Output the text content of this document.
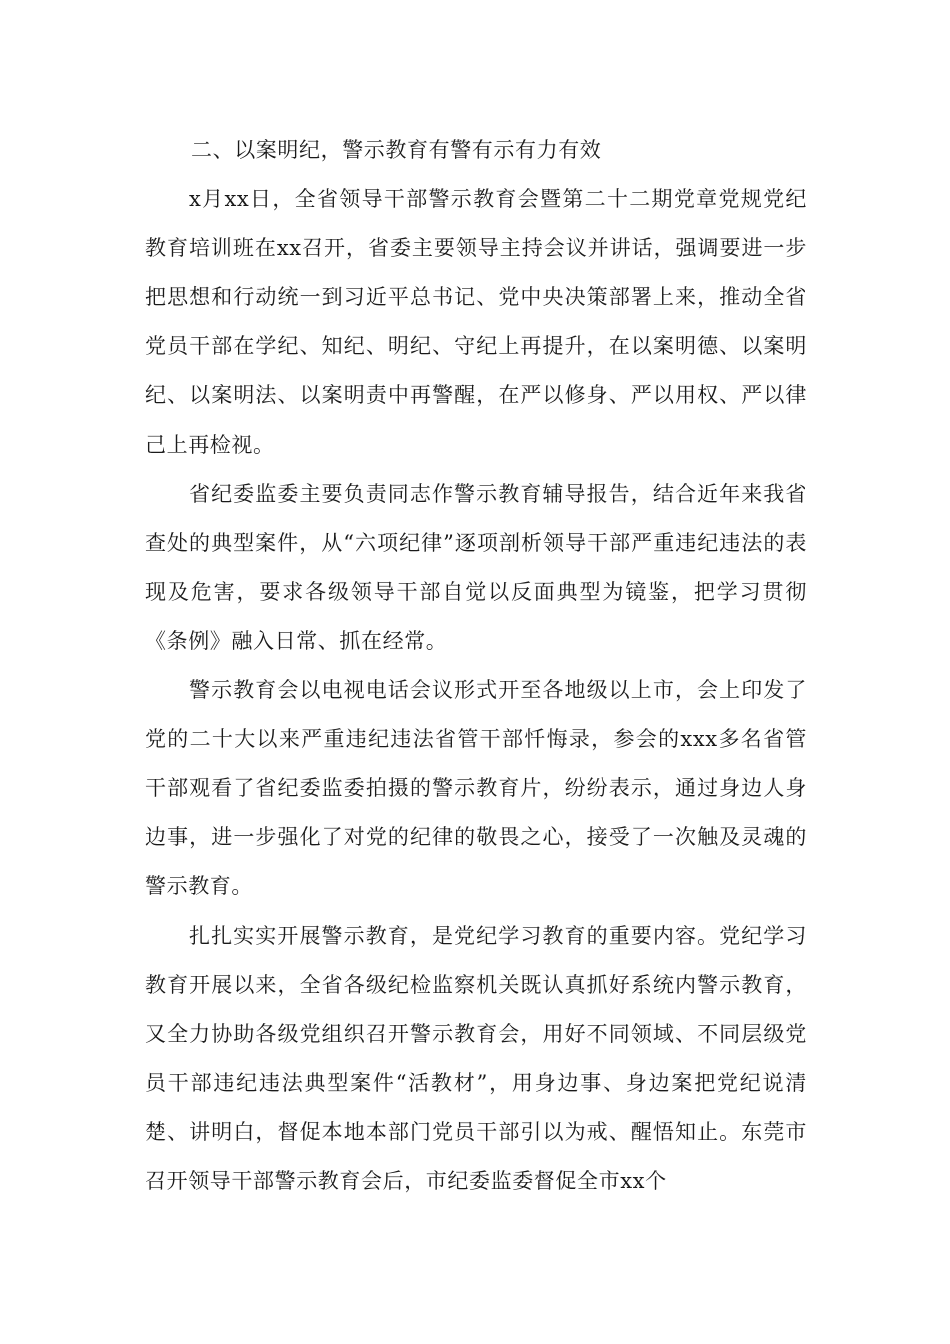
二、以案明纪，警示教育有警有示有力有效

x月xx日，全省领导干部警示教育会暨第二十二期党章党规党纪教育培训班在xx召开，省委主要领导主持会议并讲话，强调要进一步把思想和行动统一到习近平总书记、党中央决策部署上来，推动全省党员干部在学纪、知纪、明纪、守纪上再提升，在以案明德、以案明纪、以案明法、以案明责中再警醒，在严以修身、严以用权、严以律己上再检视。

省纪委监委主要负责同志作警示教育辅导报告，结合近年来我省查处的典型案件，从“六项纪律”逐项剖析领导干部严重违纪违法的表现及危害，要求各级领导干部自觉以反面典型为镜鉴，把学习贯彻《条例》融入日常、抓在经常。

警示教育会以电视电话会议形式开至各地级以上市，会上印发了党的二十大以来严重违纪违法省管干部忏悔录，参会的xxx多名省管干部观看了省纪委监委拍摄的警示教育片，纷纷表示，通过身边人身边事，进一步强化了对党的纪律的敬畏之心，接受了一次触及灵魂的警示教育。

扎扎实实开展警示教育，是党纪学习教育的重要内容。党纪学习教育开展以来，全省各级纪检监察机关既认真抓好系统内警示教育，又全力协助各级党组织召开警示教育会，用好不同领域、不同层级党员干部违纪违法典型案件“活教材”，用身边事、身边案把党纪说清楚、讲明白，督促本地本部门党员干部引以为戒、醒悟知止。东莞市召开领导干部警示教育会后，市纪委监委督促全市xx个
